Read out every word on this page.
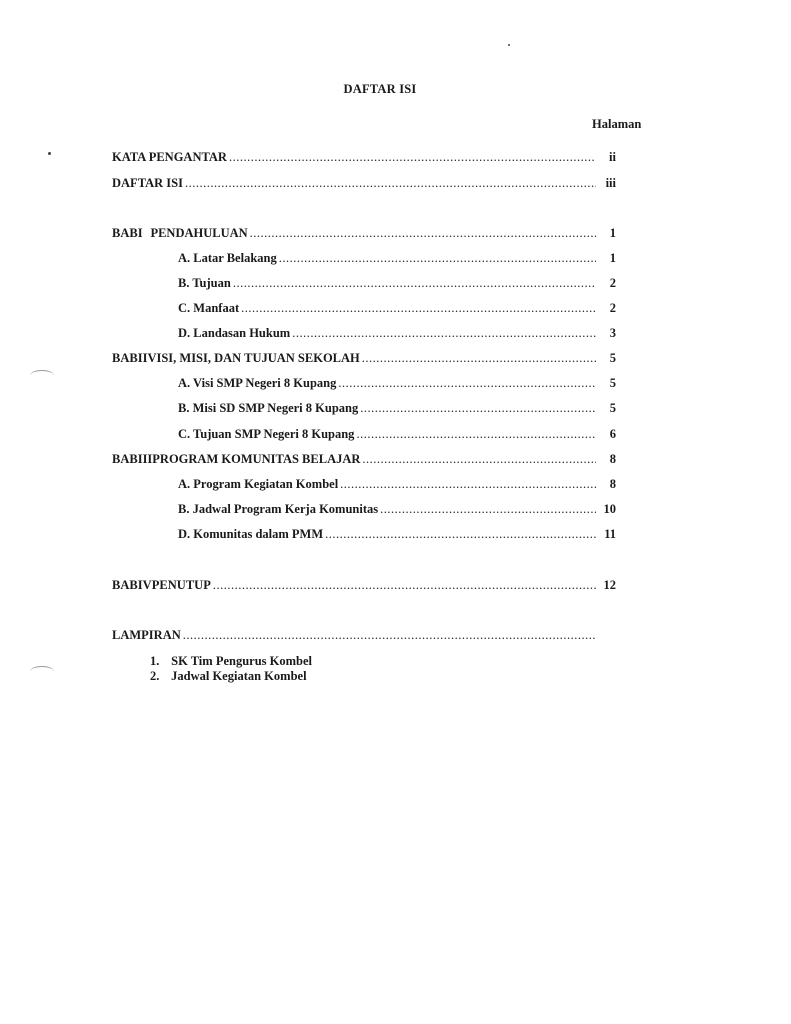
DAFTAR ISI
Halaman
KATA PENGANTAR .....	ii
DAFTAR ISI .....	iii
BAB I PENDAHULUAN .....	1
A. Latar Belakang .....	1
B. Tujuan .....	2
C. Manfaat .....	2
D. Landasan Hukum .....	3
BAB II VISI, MISI, DAN TUJUAN SEKOLAH .....	5
A. Visi SMP Negeri 8 Kupang .....	5
B. Misi SD SMP Negeri 8 Kupang .....	5
C. Tujuan SMP Negeri 8 Kupang .....	6
BAB III PROGRAM KOMUNITAS BELAJAR .....	8
A. Program Kegiatan Kombel .....	8
B. Jadwal Program Kerja Komunitas .....	10
D. Komunitas dalam PMM .....	11
BAB IV PENUTUP .....	12
LAMPIRAN
.....
1. SK Tim Pengurus Kombel
2. Jadwal Kegiatan Kombel
